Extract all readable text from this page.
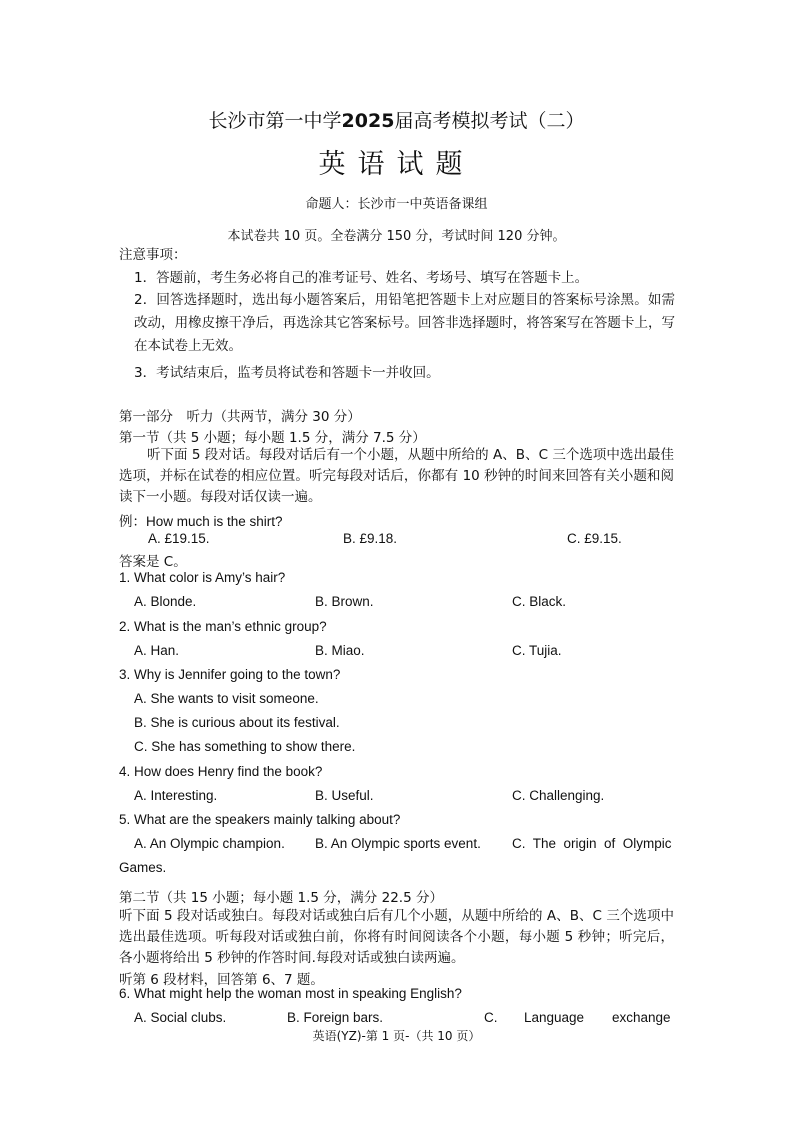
长沙市第一中学2025届高考模拟考试（二）
英语试题
命题人：长沙市一中英语备课组
本试卷共 10 页。全卷满分 150 分，考试时间 120 分钟。
注意事项：
1．答题前，考生务必将自己的准考证号、姓名、考场号、填写在答题卡上。
2．回答选择题时，选出每小题答案后，用铅笔把答题卡上对应题目的答案标号涂黑。如需改动，用橡皮擦干净后，再选涂其它答案标号。回答非选择题时，将答案写在答题卡上，写在本试卷上无效。
3．考试结束后，监考员将试卷和答题卡一并收回。
第一部分　听力（共两节，满分 30 分）
第一节（共 5 小题；每小题 1.5 分，满分 7.5 分）
听下面 5 段对话。每段对话后有一个小题，从题中所给的 A、B、C 三个选项中选出最佳选项，并标在试卷的相应位置。听完每段对话后，你都有 10 秒钟的时间来回答有关小题和阅读下一小题。每段对话仅读一遍。
例：How much is the shirt?
A. £19.15.	B. £9.18.	C. £9.15.
答案是 C。
1. What color is Amy’s hair?
A. Blonde.	B. Brown.	C. Black.
2. What is the man’s ethnic group?
A. Han.	B. Miao.	C. Tujia.
3. Why is Jennifer going to the town?
A. She wants to visit someone.
B. She is curious about its festival.
C. She has something to show there.
4. How does Henry find the book?
A. Interesting.	B. Useful.	C. Challenging.
5. What are the speakers mainly talking about?
A. An Olympic champion. B. An Olympic sports event. C.  The  origin  of  Olympic
Games.
第二节（共 15 小题；每小题 1.5 分，满分 22.5 分）
听下面 5 段对话或独白。每段对话或独白后有几个小题，从题中所给的 A、B、C 三个选项中选出最佳选项。听每段对话或独白前，你将有时间阅读各个小题，每小题 5 秒钟；听完后，各小题将给出 5 秒钟的作答时间.每段对话或独白读两遍。
听第 6 段材料，回答第 6、7 题。
6. What might help the woman most in speaking English?
A. Social clubs.	B. Foreign bars.	C. Language exchange
英语(YZ)-第 1 页-（共 10 页）
